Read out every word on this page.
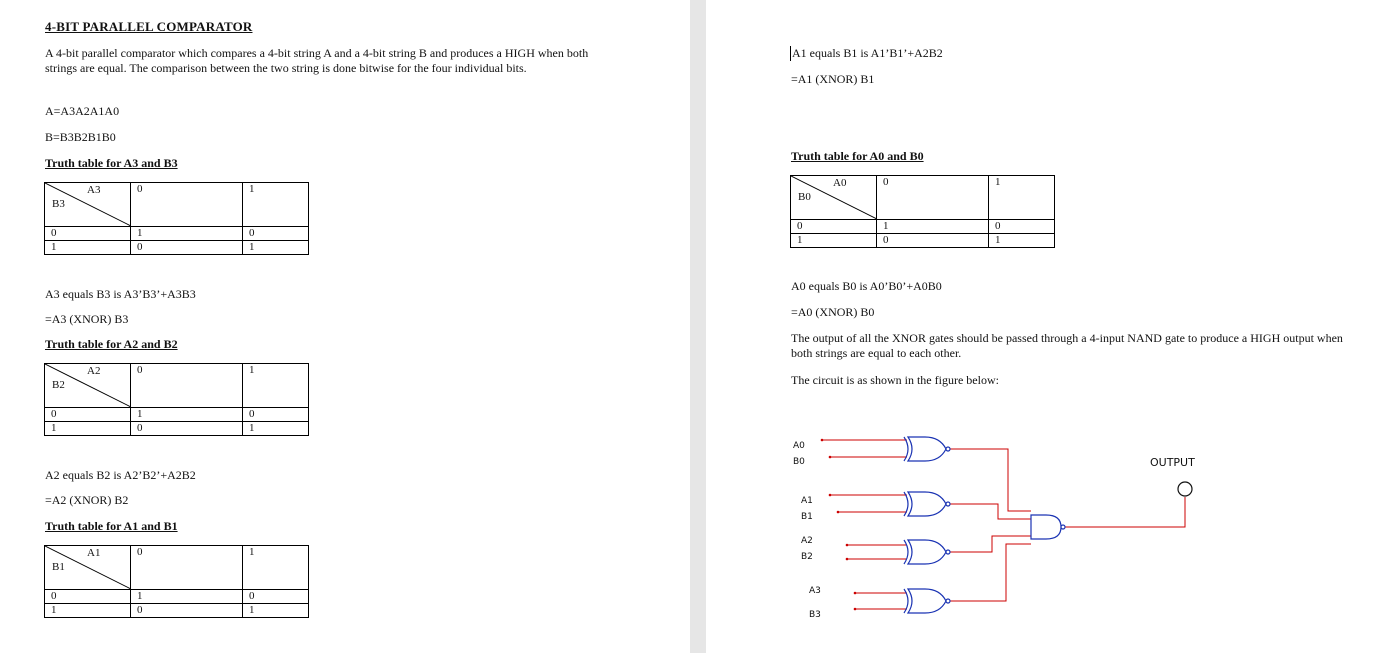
4-BIT PARALLEL COMPARATOR
A 4-bit parallel comparator which compares a 4-bit string A and a 4-bit string B and produces a HIGH when both strings are equal. The comparison between the two string is done bitwise for the four individual bits.
A=A3A2A1A0
B=B3B2B1B0
Truth table for A3 and B3
A3
B3	0	1
0	1	0
1	0	1
A3 equals B3 is A3’B3’+A3B3
=A3 (XNOR) B3
Truth table for A2 and B2
A2
B2	0	1
0	1	0
1	0	1
A2 equals B2 is A2’B2’+A2B2
=A2 (XNOR) B2
Truth table for A1 and B1
A1
B1	0	1
0	1	0
1	0	1
A1 equals B1 is A1’B1’+A2B2
=A1 (XNOR) B1
Truth table for A0 and B0
A0
B0	0	1
0	1	0
1	0	1
A0 equals B0 is A0’B0’+A0B0
=A0 (XNOR) B0
The output of all the XNOR gates should be passed through a 4-input NAND gate to produce a HIGH output when both strings are equal to each other.
The circuit is as shown in the figure below:
A0
B0
A1
B1
A2
B2
A3
B3
OUTPUT
